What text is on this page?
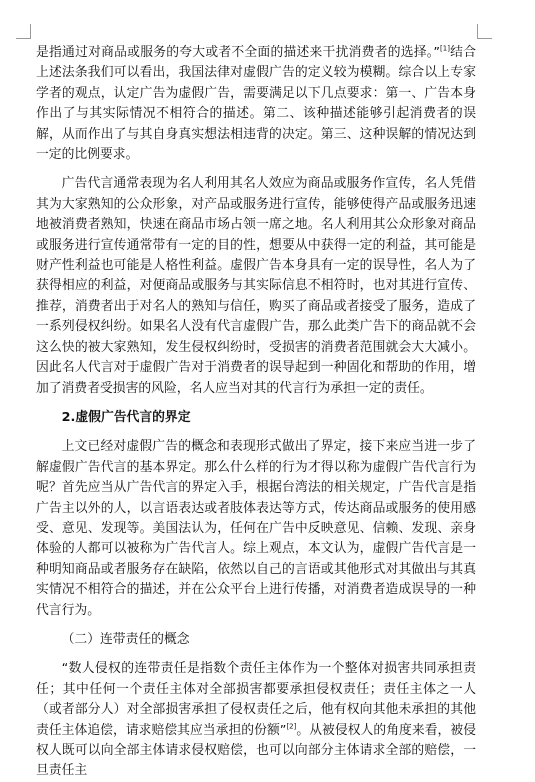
是指通过对商品或服务的夸大或者不全面的描述来干扰消费者的选择。”[1]结合上述法条我们可以看出，我国法律对虚假广告的定义较为模糊。综合以上专家学者的观点，认定广告为虚假广告，需要满足以下几点要求：第一、广告本身作出了与其实际情况不相符合的描述。第二、该种描述能够引起消费者的误解，从而作出了与其自身真实想法相违背的决定。第三、这种误解的情况达到一定的比例要求。

广告代言通常表现为名人利用其名人效应为商品或服务作宣传，名人凭借其为大家熟知的公众形象，对产品或服务进行宣传，能够使得产品或服务迅速地被消费者熟知，快速在商品市场占领一席之地。名人利用其公众形象对商品或服务进行宣传通常带有一定的目的性，想要从中获得一定的利益，其可能是财产性利益也可能是人格性利益。虚假广告本身具有一定的误导性，名人为了获得相应的利益，对便商品或服务与其实际信息不相符时，也对其进行宣传、推荐，消费者出于对名人的熟知与信任，购买了商品或者接受了服务，造成了一系列侵权纠纷。如果名人没有代言虚假广告，那么此类广告下的商品就不会这么快的被大家熟知，发生侵权纠纷时，受损害的消费者范围就会大大减小。因此名人代言对于虚假广告对于消费者的误导起到一种固化和帮助的作用，增加了消费者受损害的风险，名人应当对其的代言行为承担一定的责任。

2.虚假广告代言的界定

上文已经对虚假广告的概念和表现形式做出了界定，接下来应当进一步了解虚假广告代言的基本界定。那么什么样的行为才得以称为虚假广告代言行为呢？首先应当从广告代言的界定入手，根据台湾法的相关规定，广告代言是指广告主以外的人，以言语表达或者肢体表达等方式，传达商品或服务的使用感受、意见、发现等。美国法认为，任何在广告中反映意见、信赖、发现、亲身体验的人都可以被称为广告代言人。综上观点，本文认为，虚假广告代言是一种明知商品或者服务存在缺陷，依然以自己的言语或其他形式对其做出与其真实情况不相符合的描述，并在公众平台上进行传播，对消费者造成误导的一种代言行为。

（二）连带责任的概念

“数人侵权的连带责任是指数个责任主体作为一个整体对损害共同承担责任；其中任何一个责任主体对全部损害都要承担侵权责任；责任主体之一人（或者部分人）对全部损害承担了侵权责任之后，他有权向其他未承担的其他责任主体追偿，请求赔偿其应当承担的份额”[2]。从被侵权人的角度来看，被侵权人既可以向全部主体请求侵权赔偿，也可以向部分主体请求全部的赔偿，一旦责任主
